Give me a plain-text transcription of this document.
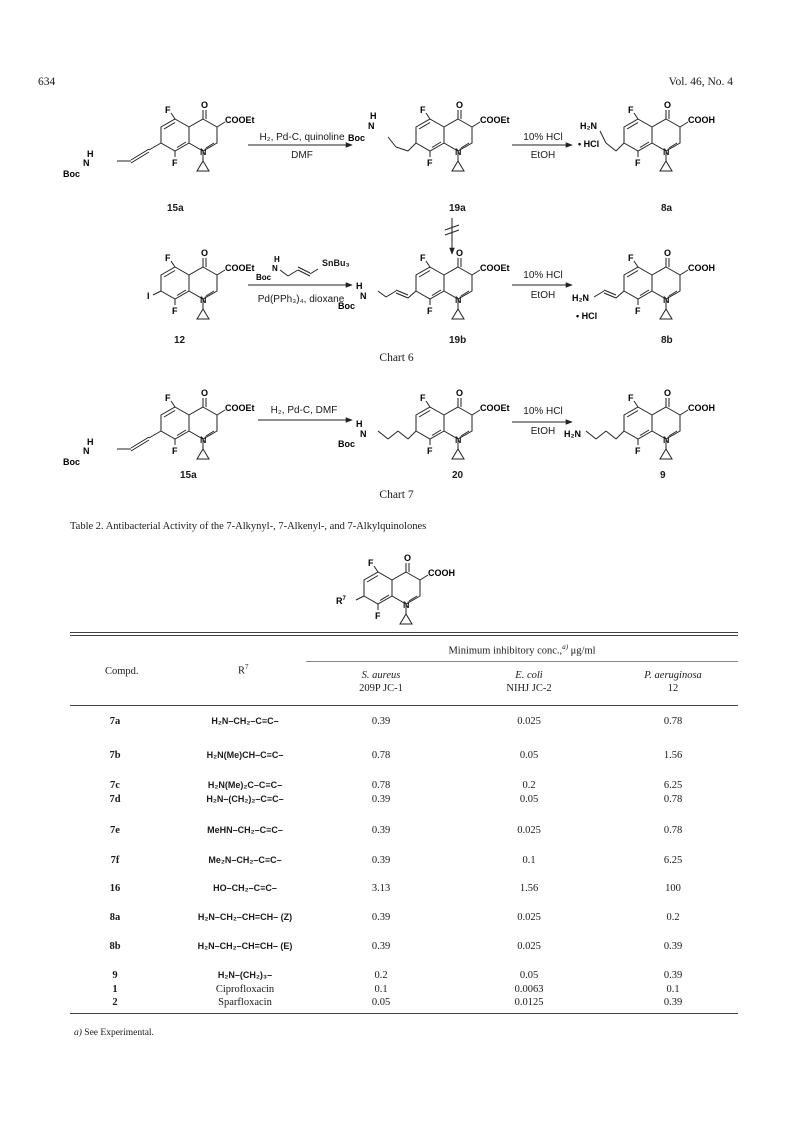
634	Vol. 46, No. 4
H
N
Boc
H
N
Boc
H₂N
• HCl
H₂, Pd-C, quinoline
DMF
10% HCl
EtOH
15a	19a	8a
I
H
N
Boc
H
N
Boc
H₂N
• HCl
SnBu₃
Pd(PPh₃)₄, dioxane
10% HCl
EtOH
12	19b	8b
Chart 6
H
N
Boc
H
N
Boc
H₂N
H₂, Pd-C, DMF	10% HCl
EtOH
15a	20	9
Chart 7
Table 2. Antibacterial Activity of the 7-Alkynyl-, 7-Alkenyl-, and 7-Alkylquinolones
$R^7$
Minimum inhibitory conc.,$^{a)}$ μg/ml
Compd.	$R^7$
S. aureus
209P JC-1
E. coli
NIHJ JC-2
P. aeruginosa
12
7a	H₂N–CH₂–C≡C–	0.39	0.025	0.78
7b	H₂N(Me)CH–C≡C–	0.78	0.05	1.56
7c	H₂N(Me)₂C–C≡C–	0.78	0.2	6.25
7d	H₂N–(CH₂)₂–C≡C–	0.39	0.05	0.78
7e	MeHN–CH₂–C≡C–	0.39	0.025	0.78
7f	Me₂N–CH₂–C≡C–	0.39	0.1	6.25
16	HO–CH₂–C≡C–	3.13	1.56	100
8a	H₂N–CH₂–CH=CH– (Z)	0.39	0.025	0.2
8b	H₂N–CH₂–CH=CH– (E)	0.39	0.025	0.39
9	H₂N–(CH₂)₃–	0.2	0.05	0.39
1	Ciprofloxacin	0.1	0.0063	0.1
2	Sparfloxacin	0.05	0.0125	0.39
a) See Experimental.
